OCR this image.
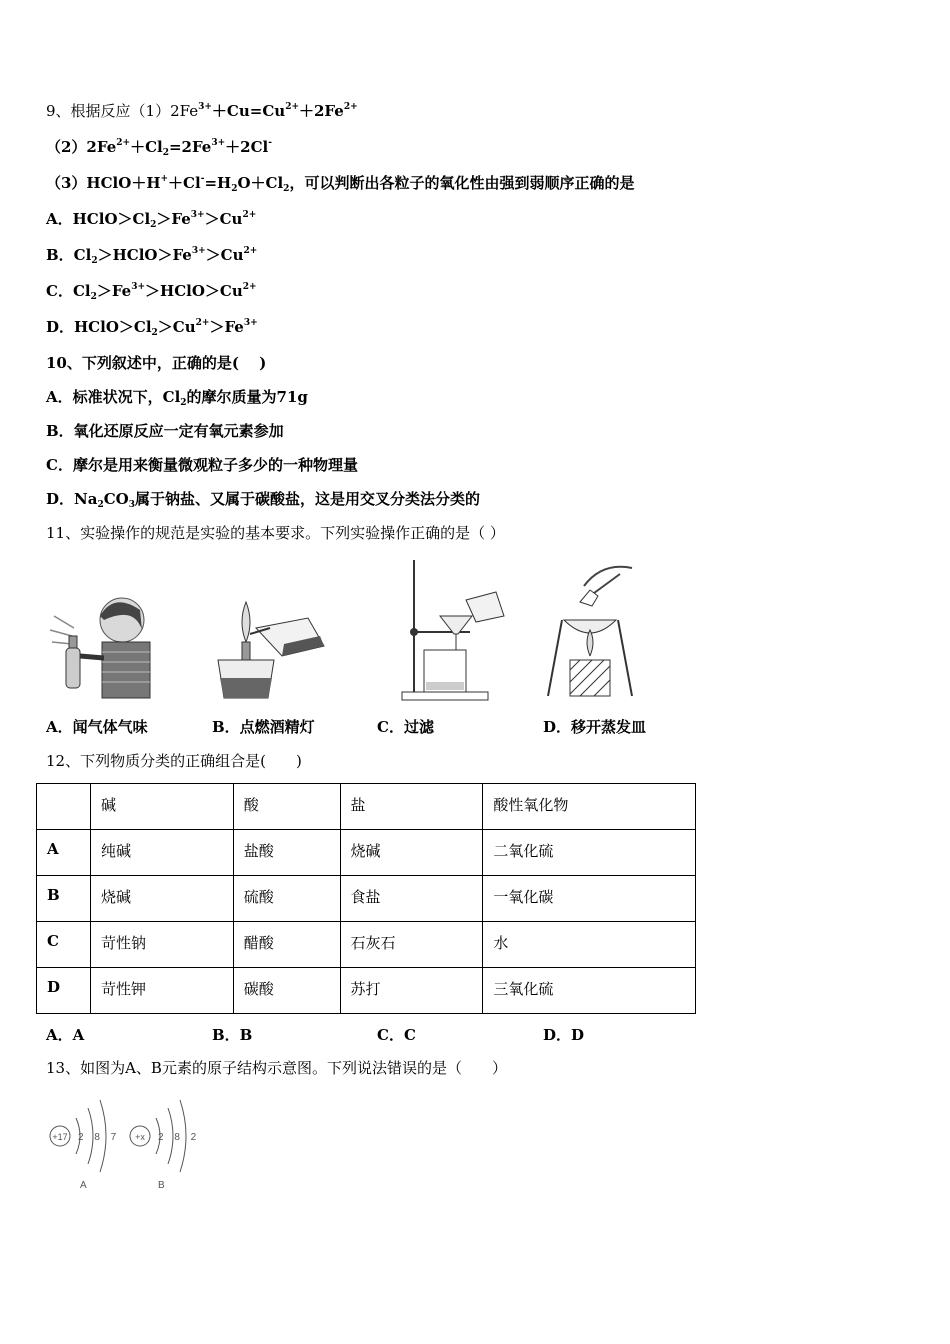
9、根据反应$(1)2Fe^{3+}+Cu=Cu^{2+}+2Fe^{2+}$
$(2)2Fe^{2+}+Cl_2=2Fe^{3+}+2Cl^-$
$(3)HClO+H^++Cl^-=H_2O+Cl_2$，可以判断出各粒子的氧化性由强到弱顺序正确的是
A．$HClO>Cl_2>Fe^{3+}>Cu^{2+}$
B．$Cl_2>HClO>Fe^{3+}>Cu^{2+}$
C．$Cl_2>Fe^{3+}>HClO>Cu^{2+}$
D．$HClO>Cl_2>Cu^{2+}>Fe^{3+}$
10、下列叙述中，正确的是(　 )
A．标准状况下，$Cl_2$的摩尔质量为71g
B．氧化还原反应一定有氧元素参加
C．摩尔是用来衡量微观粒子多少的一种物理量
D．$Na_2CO_3$属于钠盐、又属于碳酸盐，这是用交叉分类法分类的
11、实验操作的规范是实验的基本要求。下列实验操作正确的是（ ）
A．闻气体气味	B．点燃酒精灯	C．过滤	D．移开蒸发皿
12、下列物质分类的正确组合是(　　)
	碱	酸	盐	酸性氧化物
A	纯碱	盐酸	烧碱	二氧化硫
B	烧碱	硫酸	食盐	一氧化碳
C	苛性钠	醋酸	石灰石	水
D	苛性钾	碳酸	苏打	三氧化硫
A．A	B．B	C．C	D．D
13、如图为A、B元素的原子结构示意图。下列说法错误的是（　　）
+17 2 8 7
A
+x 2 8 2
B
